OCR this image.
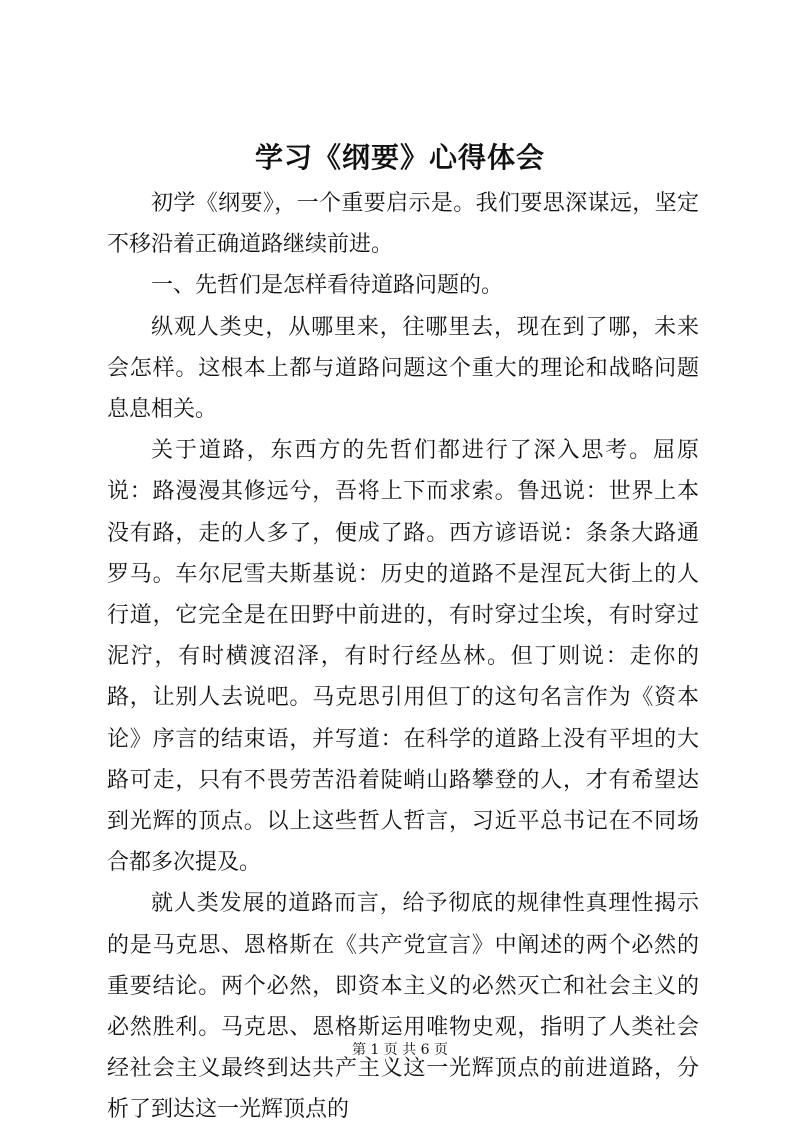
学习《纲要》心得体会

初学《纲要》，一个重要启示是。我们要思深谋远，坚定不移沿着正确道路继续前进。

一、先哲们是怎样看待道路问题的。

纵观人类史，从哪里来，往哪里去，现在到了哪，未来会怎样。这根本上都与道路问题这个重大的理论和战略问题息息相关。

关于道路，东西方的先哲们都进行了深入思考。屈原说：路漫漫其修远兮，吾将上下而求索。鲁迅说：世界上本没有路，走的人多了，便成了路。西方谚语说：条条大路通罗马。车尔尼雪夫斯基说：历史的道路不是涅瓦大街上的人行道，它完全是在田野中前进的，有时穿过尘埃，有时穿过泥泞，有时横渡沼泽，有时行经丛林。但丁则说：走你的路，让别人去说吧。马克思引用但丁的这句名言作为《资本论》序言的结束语，并写道：在科学的道路上没有平坦的大路可走，只有不畏劳苦沿着陡峭山路攀登的人，才有希望达到光辉的顶点。以上这些哲人哲言，习近平总书记在不同场合都多次提及。

就人类发展的道路而言，给予彻底的规律性真理性揭示的是马克思、恩格斯在《共产党宣言》中阐述的两个必然的重要结论。两个必然，即资本主义的必然灭亡和社会主义的必然胜利。马克思、恩格斯运用唯物史观，指明了人类社会经社会主义最终到达共产主义这一光辉顶点的前进道路，分析了到达这一光辉顶点的

第 1 页 共 6 页
